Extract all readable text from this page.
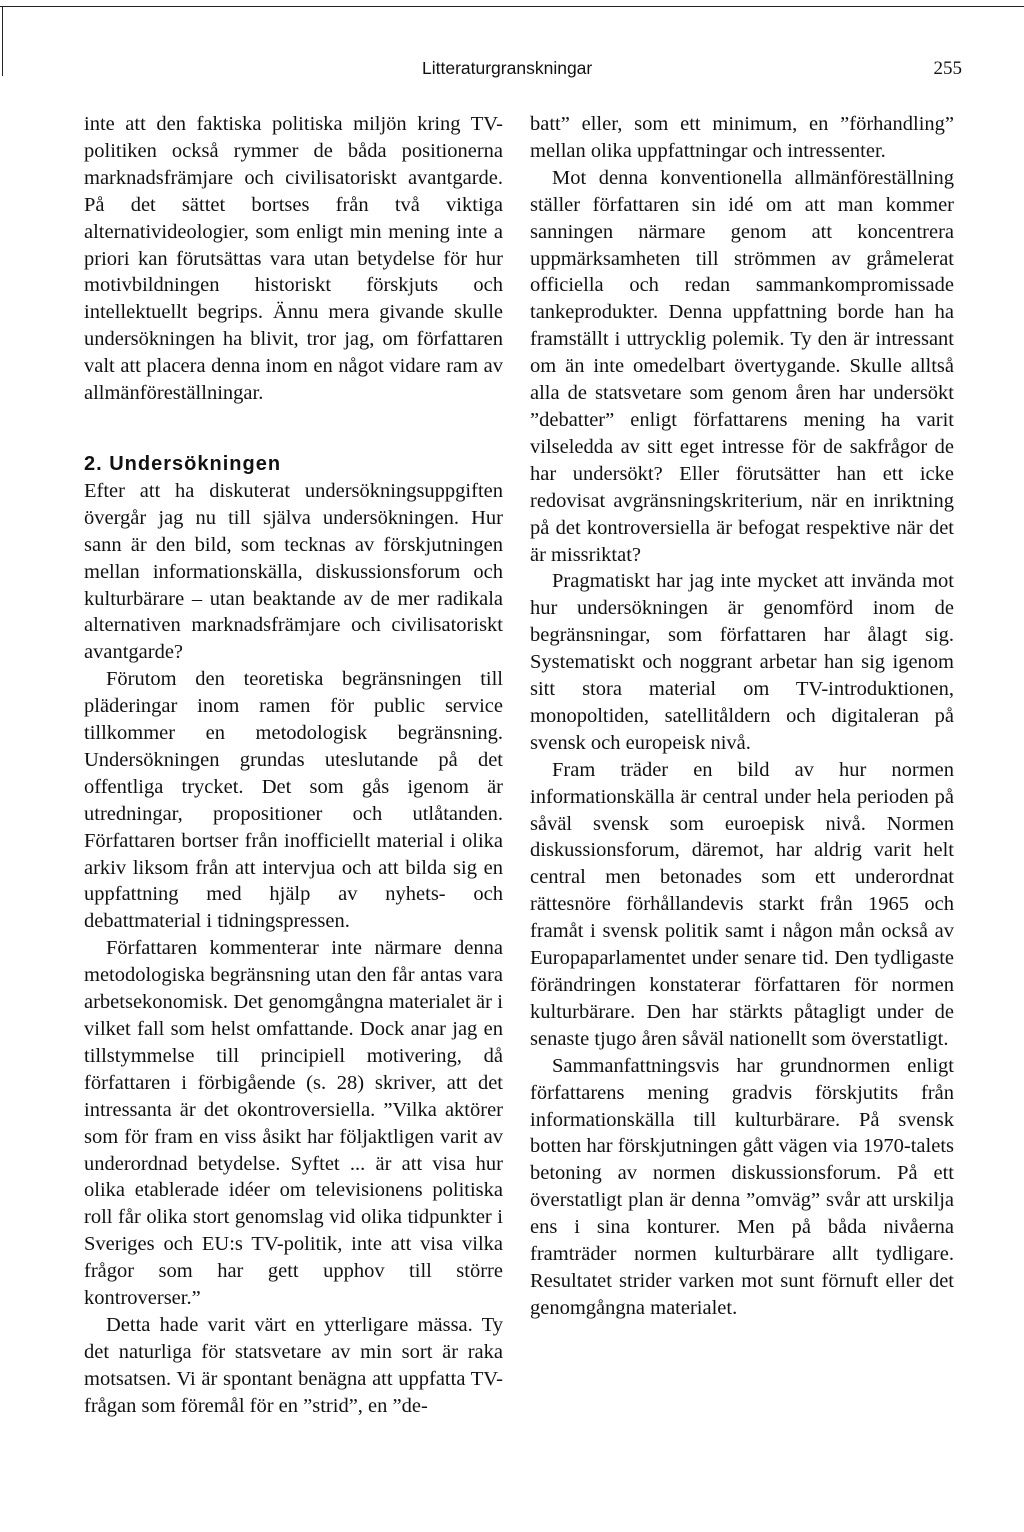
Litteraturgranskningar	255

inte att den faktiska politiska miljön kring TV-politiken också rymmer de båda positionerna marknadsfrämjare och civilisatoriskt avantgarde. På det sättet bortses från två viktiga alternativideologier, som enligt min mening inte a priori kan förutsättas vara utan betydelse för hur motivbildningen historiskt förskjuts och intellektuellt begrips. Ännu mera givande skulle undersökningen ha blivit, tror jag, om författaren valt att placera denna inom en något vidare ram av allmänföreställningar.

2. Undersökningen

Efter att ha diskuterat undersökningsuppgiften övergår jag nu till själva undersökningen. Hur sann är den bild, som tecknas av förskjutningen mellan informationskälla, diskussionsforum och kulturbärare – utan beaktande av de mer radikala alternativen marknadsfrämjare och civilisatoriskt avantgarde?

Förutom den teoretiska begränsningen till pläderingar inom ramen för public service tillkommer en metodologisk begränsning. Undersökningen grundas uteslutande på det offentliga trycket. Det som gås igenom är utredningar, propositioner och utlåtanden. Författaren bortser från inofficiellt material i olika arkiv liksom från att intervjua och att bilda sig en uppfattning med hjälp av nyhets- och debattmaterial i tidningspressen.

Författaren kommenterar inte närmare denna metodologiska begränsning utan den får antas vara arbetsekonomisk. Det genomgångna materialet är i vilket fall som helst omfattande. Dock anar jag en tillstymmelse till principiell motivering, då författaren i förbigående (s. 28) skriver, att det intressanta är det okontroversiella. ”Vilka aktörer som för fram en viss åsikt har följaktligen varit av underordnad betydelse. Syftet ... är att visa hur olika etablerade idéer om televisionens politiska roll får olika stort genomslag vid olika tidpunkter i Sveriges och EU:s TV-politik, inte att visa vilka frågor som har gett upphov till större kontroverser.”

Detta hade varit värt en ytterligare mässa. Ty det naturliga för statsvetare av min sort är raka motsatsen. Vi är spontant benägna att uppfatta TV-frågan som föremål för en ”strid”, en ”de-

batt” eller, som ett minimum, en ”förhandling” mellan olika uppfattningar och intressenter.

Mot denna konventionella allmänföreställning ställer författaren sin idé om att man kommer sanningen närmare genom att koncentrera uppmärksamheten till strömmen av gråmelerat officiella och redan sammankompromissade tankeprodukter. Denna uppfattning borde han ha framställt i uttrycklig polemik. Ty den är intressant om än inte omedelbart övertygande. Skulle alltså alla de statsvetare som genom åren har undersökt ”debatter” enligt författarens mening ha varit vilseledda av sitt eget intresse för de sakfrågor de har undersökt? Eller förutsätter han ett icke redovisat avgränsningskriterium, när en inriktning på det kontroversiella är befogat respektive när det är missriktat?

Pragmatiskt har jag inte mycket att invända mot hur undersökningen är genomförd inom de begränsningar, som författaren har ålagt sig. Systematiskt och noggrant arbetar han sig igenom sitt stora material om TV-introduktionen, monopoltiden, satellitåldern och digitaleran på svensk och europeisk nivå.

Fram träder en bild av hur normen informationskälla är central under hela perioden på såväl svensk som euroepisk nivå. Normen diskussionsforum, däremot, har aldrig varit helt central men betonades som ett underordnat rättesnöre förhållandevis starkt från 1965 och framåt i svensk politik samt i någon mån också av Europaparlamentet under senare tid. Den tydligaste förändringen konstaterar författaren för normen kulturbärare. Den har stärkts påtagligt under de senaste tjugo åren såväl nationellt som överstatligt.

Sammanfattningsvis har grundnormen enligt författarens mening gradvis förskjutits från informationskälla till kulturbärare. På svensk botten har förskjutningen gått vägen via 1970-talets betoning av normen diskussionsforum. På ett överstatligt plan är denna ”omväg” svår att urskilja ens i sina konturer. Men på båda nivåerna framträder normen kulturbärare allt tydligare. Resultatet strider varken mot sunt förnuft eller det genomgångna materialet.
